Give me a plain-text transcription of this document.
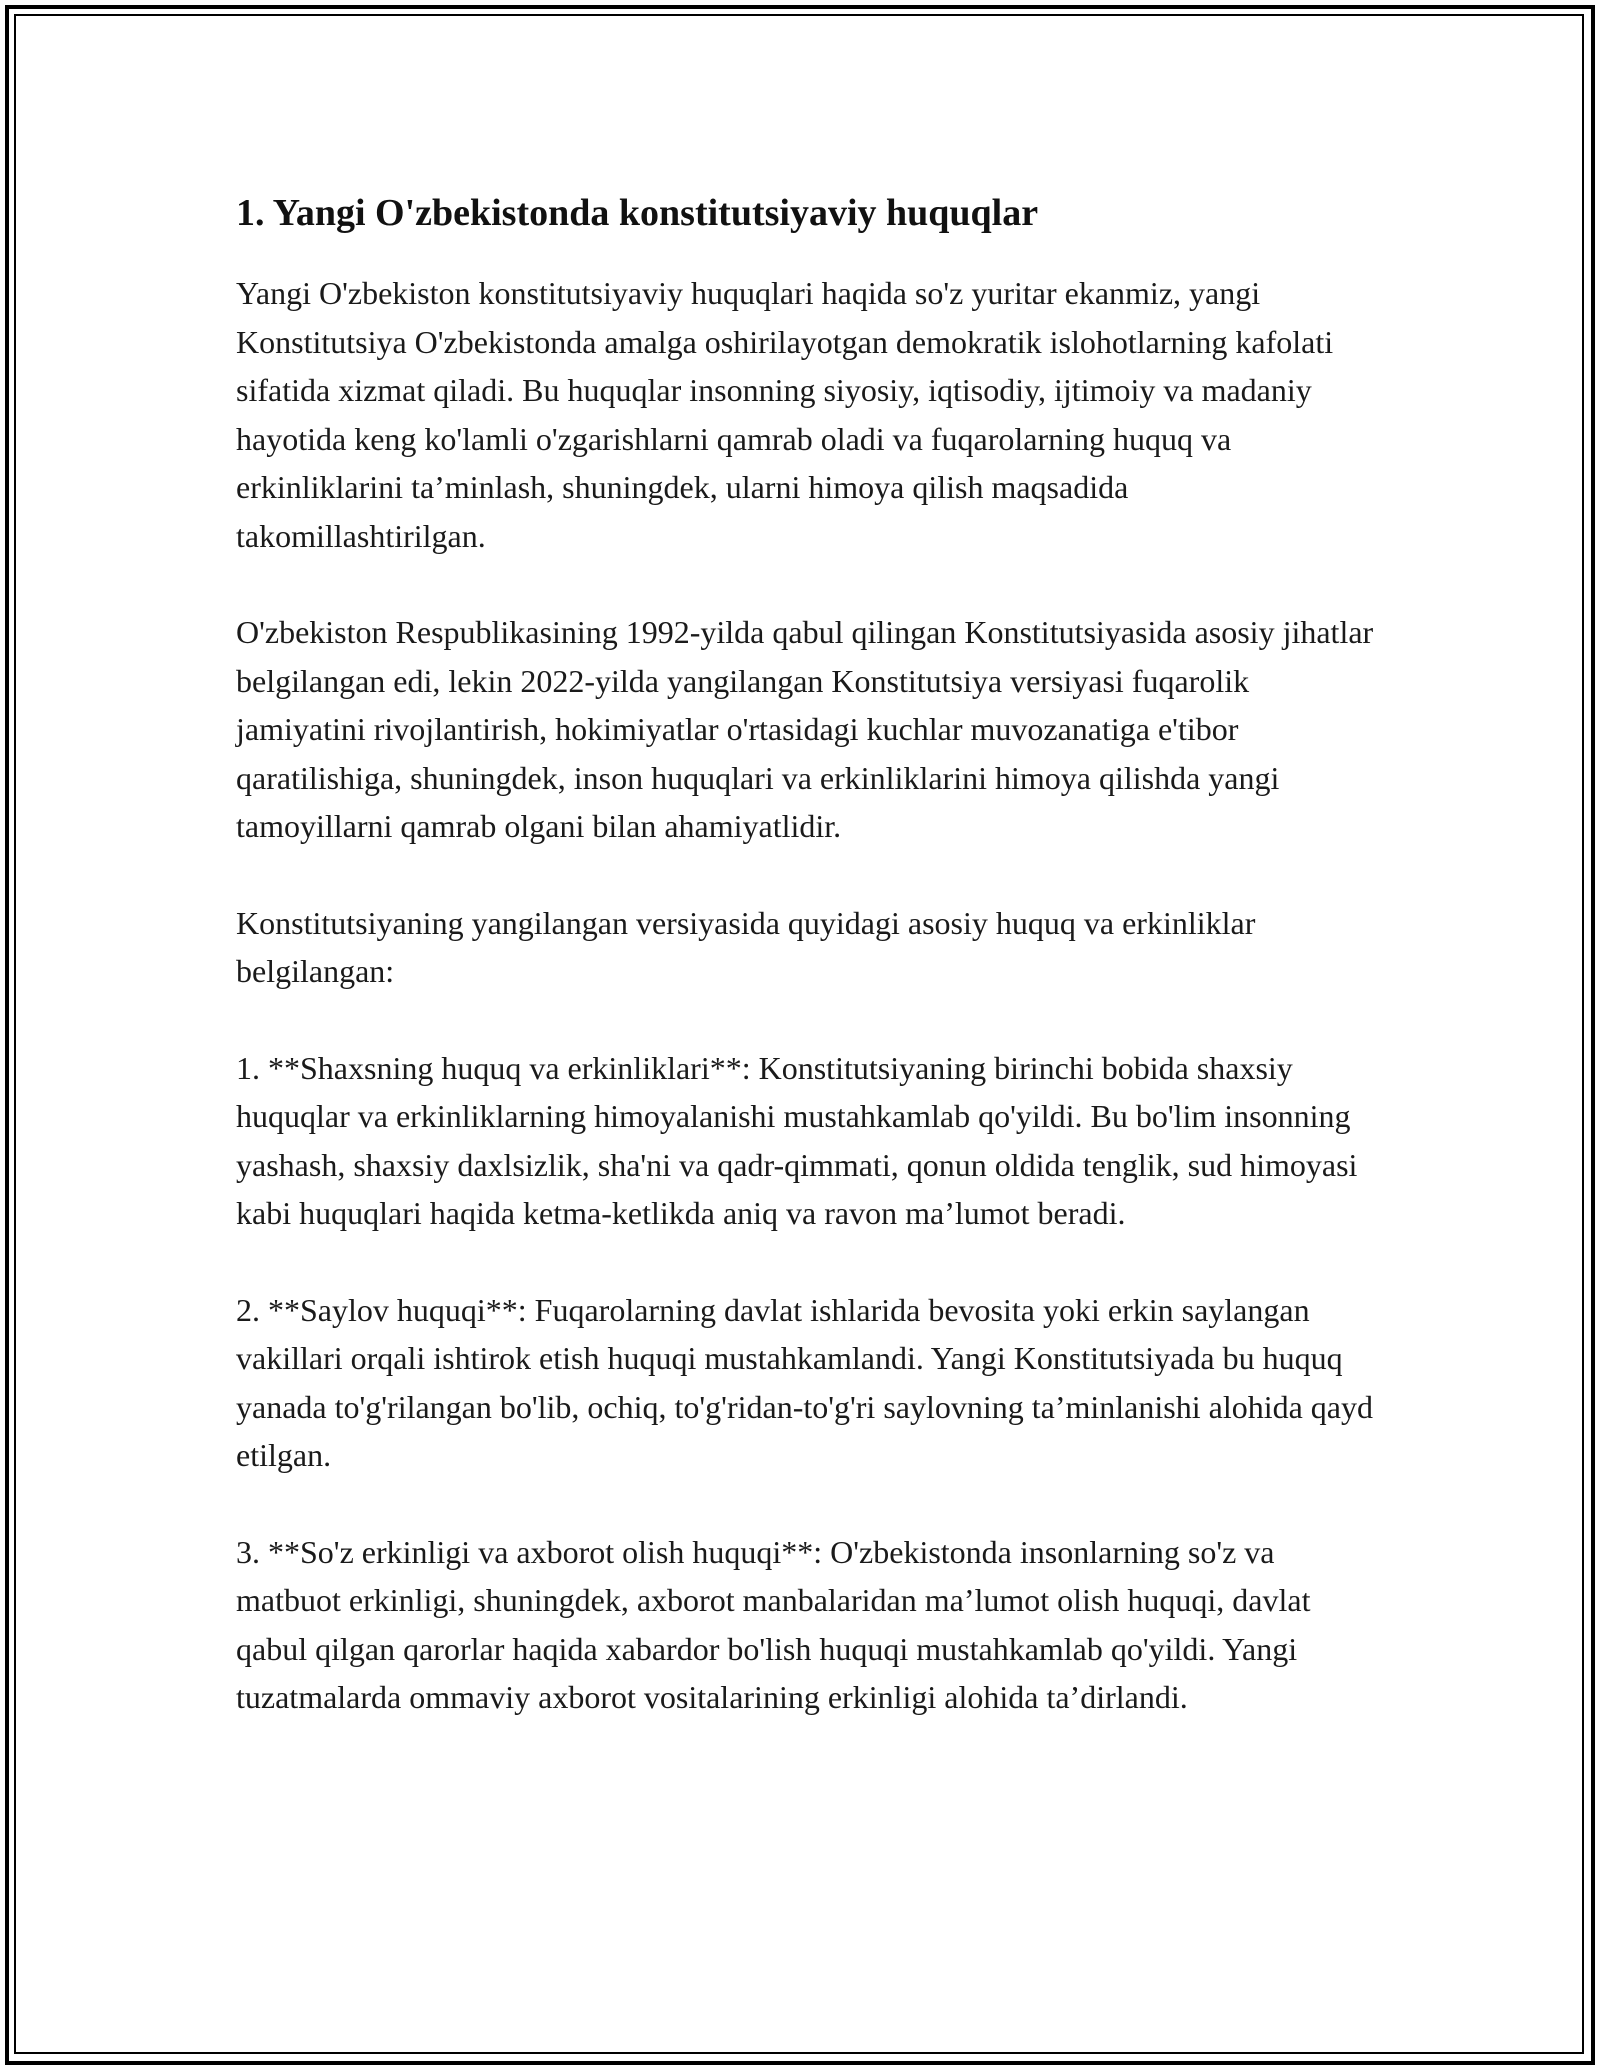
1. Yangi O'zbekistonda konstitutsiyaviy huquqlar

Yangi O'zbekiston konstitutsiyaviy huquqlari haqida so'z yuritar ekanmiz, yangi Konstitutsiya O'zbekistonda amalga oshirilayotgan demokratik islohotlarning kafolati sifatida xizmat qiladi. Bu huquqlar insonning siyosiy, iqtisodiy, ijtimoiy va madaniy hayotida keng ko'lamli o'zgarishlarni qamrab oladi va fuqarolarning huquq va erkinliklarini ta’minlash, shuningdek, ularni himoya qilish maqsadida takomillashtirilgan.

O'zbekiston Respublikasining 1992-yilda qabul qilingan Konstitutsiyasida asosiy jihatlar belgilangan edi, lekin 2022-yilda yangilangan Konstitutsiya versiyasi fuqarolik jamiyatini rivojlantirish, hokimiyatlar o'rtasidagi kuchlar muvozanatiga e'tibor qaratilishiga, shuningdek, inson huquqlari va erkinliklarini himoya qilishda yangi tamoyillarni qamrab olgani bilan ahamiyatlidir.

Konstitutsiyaning yangilangan versiyasida quyidagi asosiy huquq va erkinliklar belgilangan:

1. **Shaxsning huquq va erkinliklari**: Konstitutsiyaning birinchi bobida shaxsiy huquqlar va erkinliklarning himoyalanishi mustahkamlab qo'yildi. Bu bo'lim insonning yashash, shaxsiy daxlsizlik, sha'ni va qadr-qimmati, qonun oldida tenglik, sud himoyasi kabi huquqlari haqida ketma-ketlikda aniq va ravon ma’lumot beradi.

2. **Saylov huquqi**: Fuqarolarning davlat ishlarida bevosita yoki erkin saylangan vakillari orqali ishtirok etish huquqi mustahkamlandi. Yangi Konstitutsiyada bu huquq yanada to'g'rilangan bo'lib, ochiq, to'g'ridan-to'g'ri saylovning ta’minlanishi alohida qayd etilgan.

3. **So'z erkinligi va axborot olish huquqi**: O'zbekistonda insonlarning so'z va matbuot erkinligi, shuningdek, axborot manbalaridan ma’lumot olish huquqi, davlat qabul qilgan qarorlar haqida xabardor bo'lish huquqi mustahkamlab qo'yildi. Yangi tuzatmalarda ommaviy axborot vositalarining erkinligi alohida ta’dirlandi.
